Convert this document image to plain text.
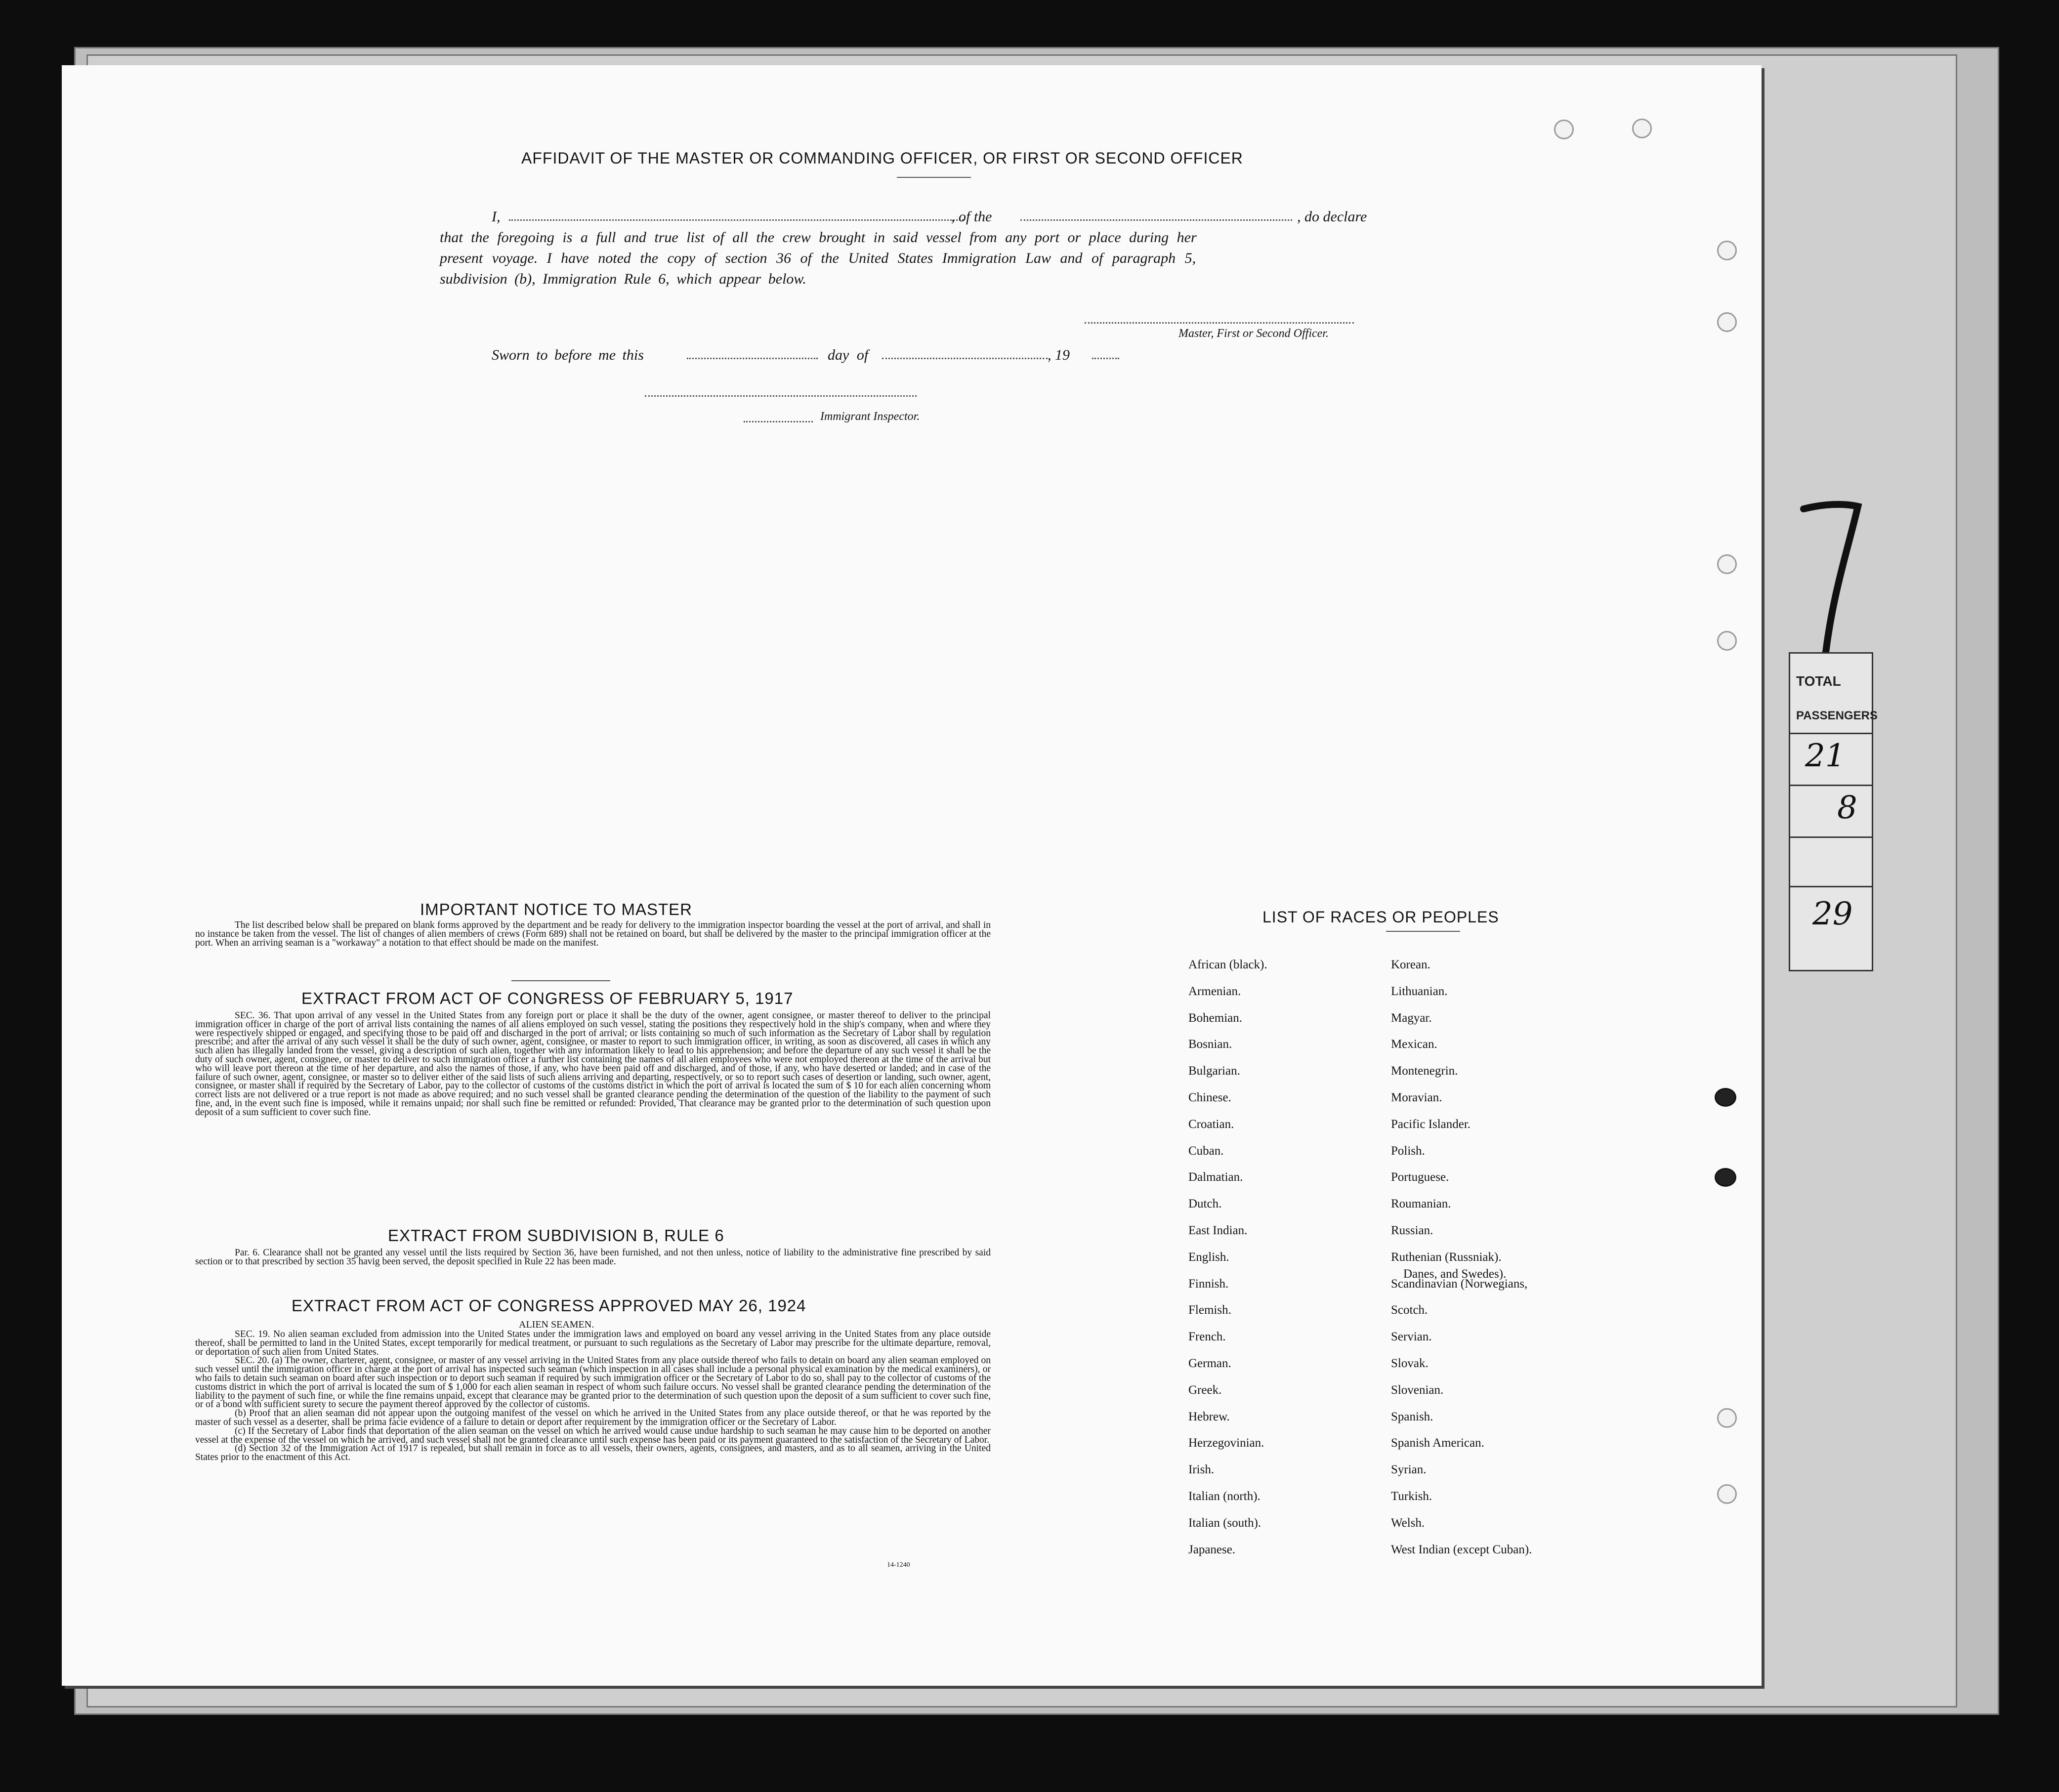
TOTAL
PASSENGERS
21
8
29
AFFIDAVIT OF THE MASTER OR COMMANDING OFFICER, OR FIRST OR SECOND OFFICER
I,	, of the	, do declare
that the foregoing is a full and true list of all the crew brought in said vessel from any port or place during her
present voyage. I have noted the copy of section 36 of the United States Immigration Law and of paragraph 5,
subdivision (b), Immigration Rule 6, which appear below.
Master, First or Second Officer.
Sworn to before me this	day of	, 19
Immigrant Inspector.
IMPORTANT NOTICE TO MASTER

The list described below shall be prepared on blank forms approved by the department and be ready for delivery to the immigration inspector boarding the vessel at the port of arrival, and shall in no instance be taken from the vessel. The list of changes of alien members of crews (Form 689) shall not be retained on board, but shall be delivered by the master to the principal immigration officer at the port. When an arriving seaman is a "workaway" a notation to that effect should be made on the manifest.

EXTRACT FROM ACT OF CONGRESS OF FEBRUARY 5, 1917

SEC. 36. That upon arrival of any vessel in the United States from any foreign port or place it shall be the duty of the owner, agent consignee, or master thereof to deliver to the principal immigration officer in charge of the port of arrival lists containing the names of all aliens employed on such vessel, stating the positions they respectively hold in the ship's company, when and where they were respectively shipped or engaged, and specifying those to be paid off and discharged in the port of arrival; or lists containing so much of such information as the Secretary of Labor shall by regulation prescribe; and after the arrival of any such vessel it shall be the duty of such owner, agent, consignee, or master to report to such immigration officer, in writing, as soon as discovered, all cases in which any such alien has illegally landed from the vessel, giving a description of such alien, together with any information likely to lead to his apprehension; and before the departure of any such vessel it shall be the duty of such owner, agent, consignee, or master to deliver to such immigration officer a further list containing the names of all alien employees who were not employed thereon at the time of the arrival but who will leave port thereon at the time of her departure, and also the names of those, if any, who have been paid off and discharged, and of those, if any, who have deserted or landed; and in case of the failure of such owner, agent, consignee, or master so to deliver either of the said lists of such aliens arriving and departing, respectively, or so to report such cases of desertion or landing, such owner, agent, consignee, or master shall if required by the Secretary of Labor, pay to the collector of customs of the customs district in which the port of arrival is located the sum of $ 10 for each alien concerning whom correct lists are not delivered or a true report is not made as above required; and no such vessel shall be granted clearance pending the determination of the question of the liability to the payment of such fine, and, in the event such fine is imposed, while it remains unpaid; nor shall such fine be remitted or refunded: Provided, That clearance may be granted prior to the determination of such question upon deposit of a sum sufficient to cover such fine.

EXTRACT FROM SUBDIVISION B, RULE 6

Par. 6. Clearance shall not be granted any vessel until the lists required by Section 36, have been furnished, and not then unless, notice of liability to the administrative fine prescribed by said section or to that prescribed by section 35 havig been served, the deposit specified in Rule 22 has been made.

EXTRACT FROM ACT OF CONGRESS APPROVED MAY 26, 1924
ALIEN SEAMEN.

SEC. 19. No alien seaman excluded from admission into the United States under the immigration laws and employed on board any vessel arriving in the United States from any place outside thereof, shall be permitted to land in the United States, except temporarily for medical treatment, or pursuant to such regulations as the Secretary of Labor may prescribe for the ultimate departure, removal, or deportation of such alien from United States.

SEC. 20. (a) The owner, charterer, agent, consignee, or master of any vessel arriving in the United States from any place outside thereof who fails to detain on board any alien seaman employed on such vessel until the immigration officer in charge at the port of arrival has inspected such seaman (which inspection in all cases shall include a personal physical examination by the medical examiners), or who fails to detain such seaman on board after such inspection or to deport such seaman if required by such immigration officer or the Secretary of Labor to do so, shall pay to the collector of customs of the customs district in which the port of arrival is located the sum of $ 1,000 for each alien seaman in respect of whom such failure occurs. No vessel shall be granted clearance pending the determination of the liability to the payment of such fine, or while the fine remains unpaid, except that clearance may be granted prior to the determination of such question upon the deposit of a sum sufficient to cover such fine, or of a bond with sufficient surety to secure the payment thereof approved by the collector of customs.

(b) Proof that an alien seaman did not appear upon the outgoing manifest of the vessel on which he arrived in the United States from any place outside thereof, or that he was reported by the master of such vessel as a deserter, shall be prima facie evidence of a failure to detain or deport after requirement by the immigration officer or the Secretary of Labor.

(c) If the Secretary of Labor finds that deportation of the alien seaman on the vessel on which he arrived would cause undue hardship to such seaman he may cause him to be deported on another vessel at the expense of the vessel on which he arrived, and such vessel shall not be granted clearance until such expense has been paid or its payment guaranteed to the satisfaction of the Secretary of Labor.

(d) Section 32 of the Immigration Act of 1917 is repealed, but shall remain in force as to all vessels, their owners, agents, consignees, and masters, and as to all seamen, arriving in the United States prior to the enactment of this Act.

14-1240
LIST OF RACES OR PEOPLES
African (black).
Armenian.
Bohemian.
Bosnian.
Bulgarian.
Chinese.
Croatian.
Cuban.
Dalmatian.
Dutch.
East Indian.
English.
Finnish.
Flemish.
French.
German.
Greek.
Hebrew.
Herzegovinian.
Irish.
Italian (north).
Italian (south).
Japanese.
Korean.
Lithuanian.
Magyar.
Mexican.
Montenegrin.
Moravian.
Pacific Islander.
Polish.
Portuguese.
Roumanian.
Russian.
Ruthenian (Russniak).
Scandinavian (Norwegians,
Scotch.
Servian.
Slovak.
Slovenian.
Spanish.
Spanish American.
Syrian.
Turkish.
Welsh.
West Indian (except Cuban).
Danes, and Swedes).
